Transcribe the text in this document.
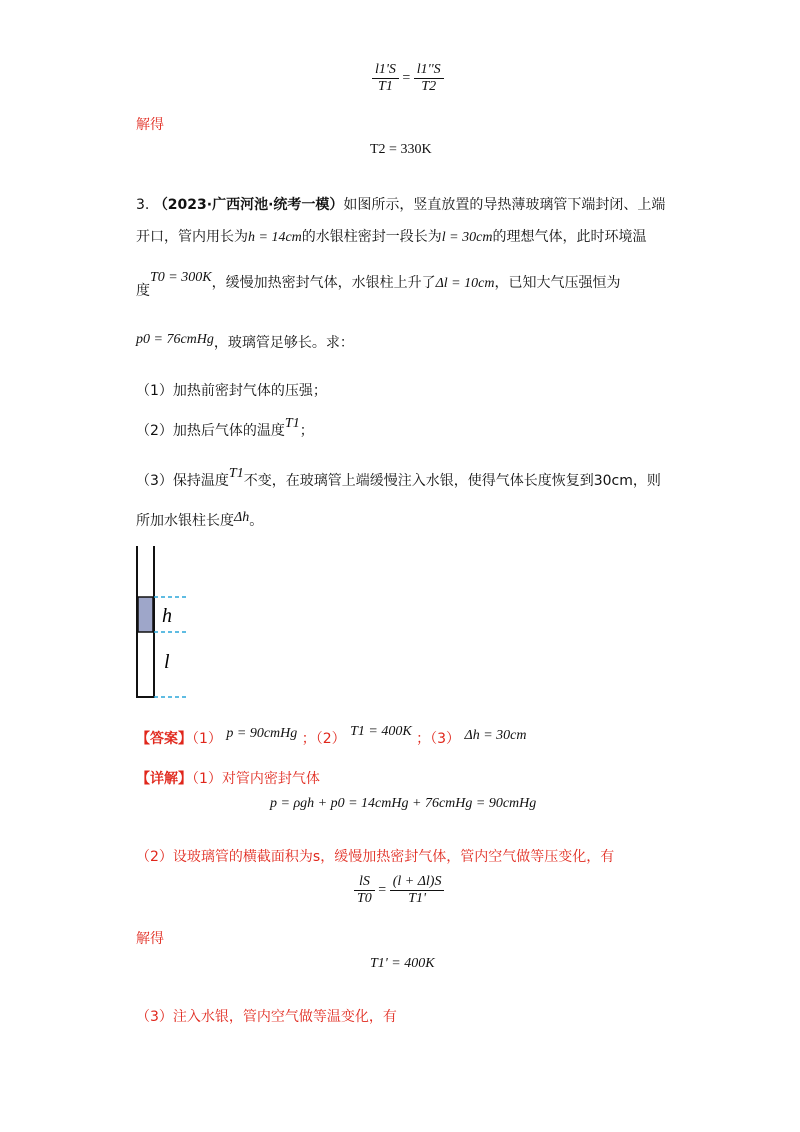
$\frac{l1'S}{T1} = \frac{l1''S}{T2}$
解得
T2 = 330K
3. （2023·广西河池·统考一模）如图所示，竖直放置的导热薄玻璃管下端封闭、上端
开口，管内用长为h = 14cm的水银柱密封一段长为l = 30cm的理想气体，此时环境温
度T0 = 300K，缓慢加热密封气体，水银柱上升了Δl = 10cm，已知大气压强恒为
p0 = 76cmHg，玻璃管足够长。求：
（1）加热前密封气体的压强；
（2）加热后气体的温度T1；
（3）保持温度T1不变，在玻璃管上端缓慢注入水银，使得气体长度恢复到30cm，则
所加水银柱长度Δh。
h
l
【答案】（1） p = 90cmHg ；（2） T1 = 400K ；（3） Δh = 30cm
【详解】（1）对管内密封气体
p = ρgh + p0 = 14cmHg + 76cmHg = 90cmHg
（2）设玻璃管的横截面积为s，缓慢加热密封气体，管内空气做等压变化，有
$\frac{lS}{T0} = \frac{(l + \Delta l)S}{T1'}$
解得
T1' = 400K
（3）注入水银，管内空气做等温变化，有
